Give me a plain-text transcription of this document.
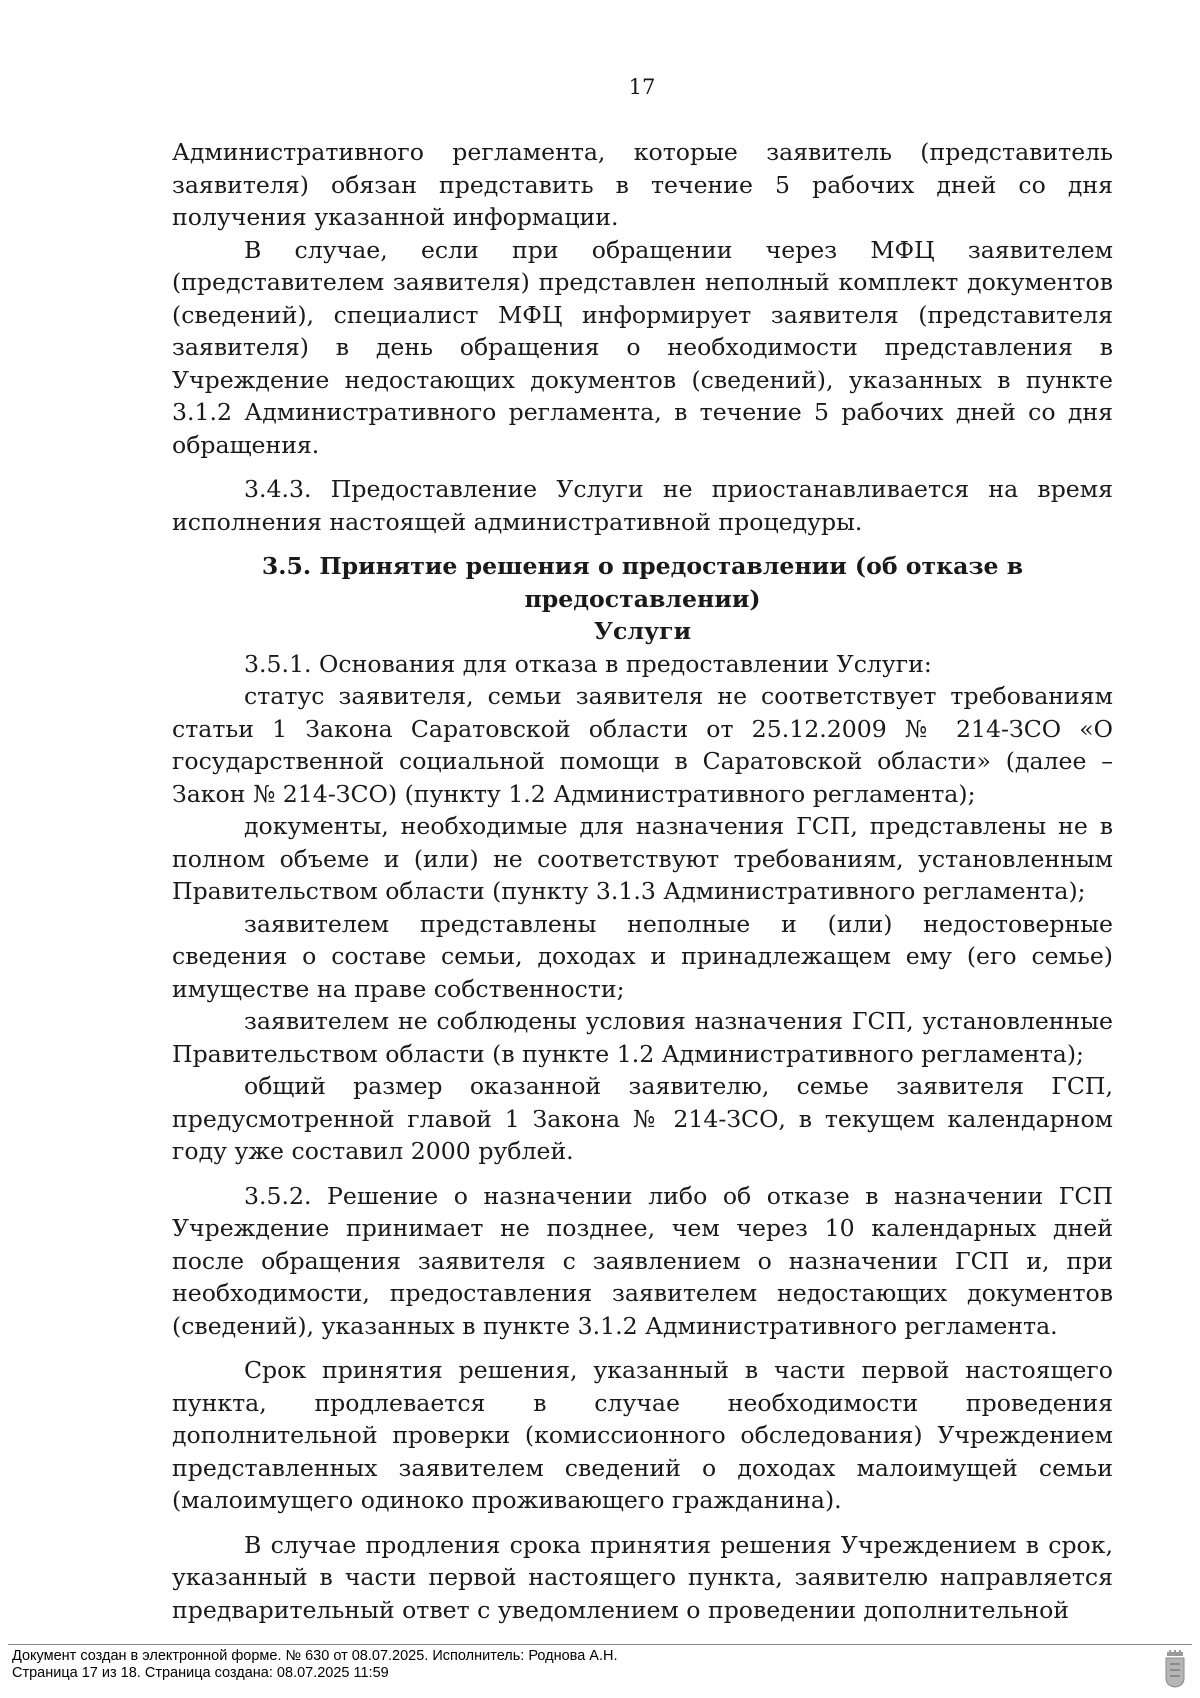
17

Административного регламента, которые заявитель (представитель заявителя) обязан представить в течение 5 рабочих дней со дня получения указанной информации.

В случае, если при обращении через МФЦ заявителем (представителем заявителя) представлен неполный комплект документов (сведений), специалист МФЦ информирует заявителя (представителя заявителя) в день обращения о необходимости представления в Учреждение недостающих документов (сведений), указанных в пункте 3.1.2 Административного регламента, в течение 5 рабочих дней со дня обращения.

3.4.3. Предоставление Услуги не приостанавливается на время исполнения настоящей административной процедуры.

3.5. Принятие решения о предоставлении (об отказе в предоставлении)
Услуги

3.5.1. Основания для отказа в предоставлении Услуги:

статус заявителя, семьи заявителя не соответствует требованиям статьи 1 Закона Саратовской области от 25.12.2009 № 214-ЗСО «О государственной социальной помощи в Саратовской области» (далее – Закон № 214-ЗСО) (пункту 1.2 Административного регламента);

документы, необходимые для назначения ГСП, представлены не в полном объеме и (или) не соответствуют требованиям, установленным Правительством области (пункту 3.1.3 Административного регламента);

заявителем представлены неполные и (или) недостоверные сведения о составе семьи, доходах и принадлежащем ему (его семье) имуществе на праве собственности;

заявителем не соблюдены условия назначения ГСП, установленные Правительством области (в пункте 1.2 Административного регламента);

общий размер оказанной заявителю, семье заявителя ГСП, предусмотренной главой 1 Закона № 214-ЗСО, в текущем календарном году уже составил 2000 рублей.

3.5.2. Решение о назначении либо об отказе в назначении ГСП Учреждение принимает не позднее, чем через 10 календарных дней после обращения заявителя с заявлением о назначении ГСП и, при необходимости, предоставления заявителем недостающих документов (сведений), указанных в пункте 3.1.2 Административного регламента.

Срок принятия решения, указанный в части первой настоящего пункта, продлевается в случае необходимости проведения дополнительной проверки (комиссионного обследования) Учреждением представленных заявителем сведений о доходах малоимущей семьи (малоимущего одиноко проживающего гражданина).

В случае продления срока принятия решения Учреждением в срок, указанный в части первой настоящего пункта, заявителю направляется предварительный ответ с уведомлением о проведении дополнительной

Документ создан в электронной форме. № 630 от 08.07.2025. Исполнитель: Роднова А.Н.
Страница 17 из 18. Страница создана: 08.07.2025 11:59
